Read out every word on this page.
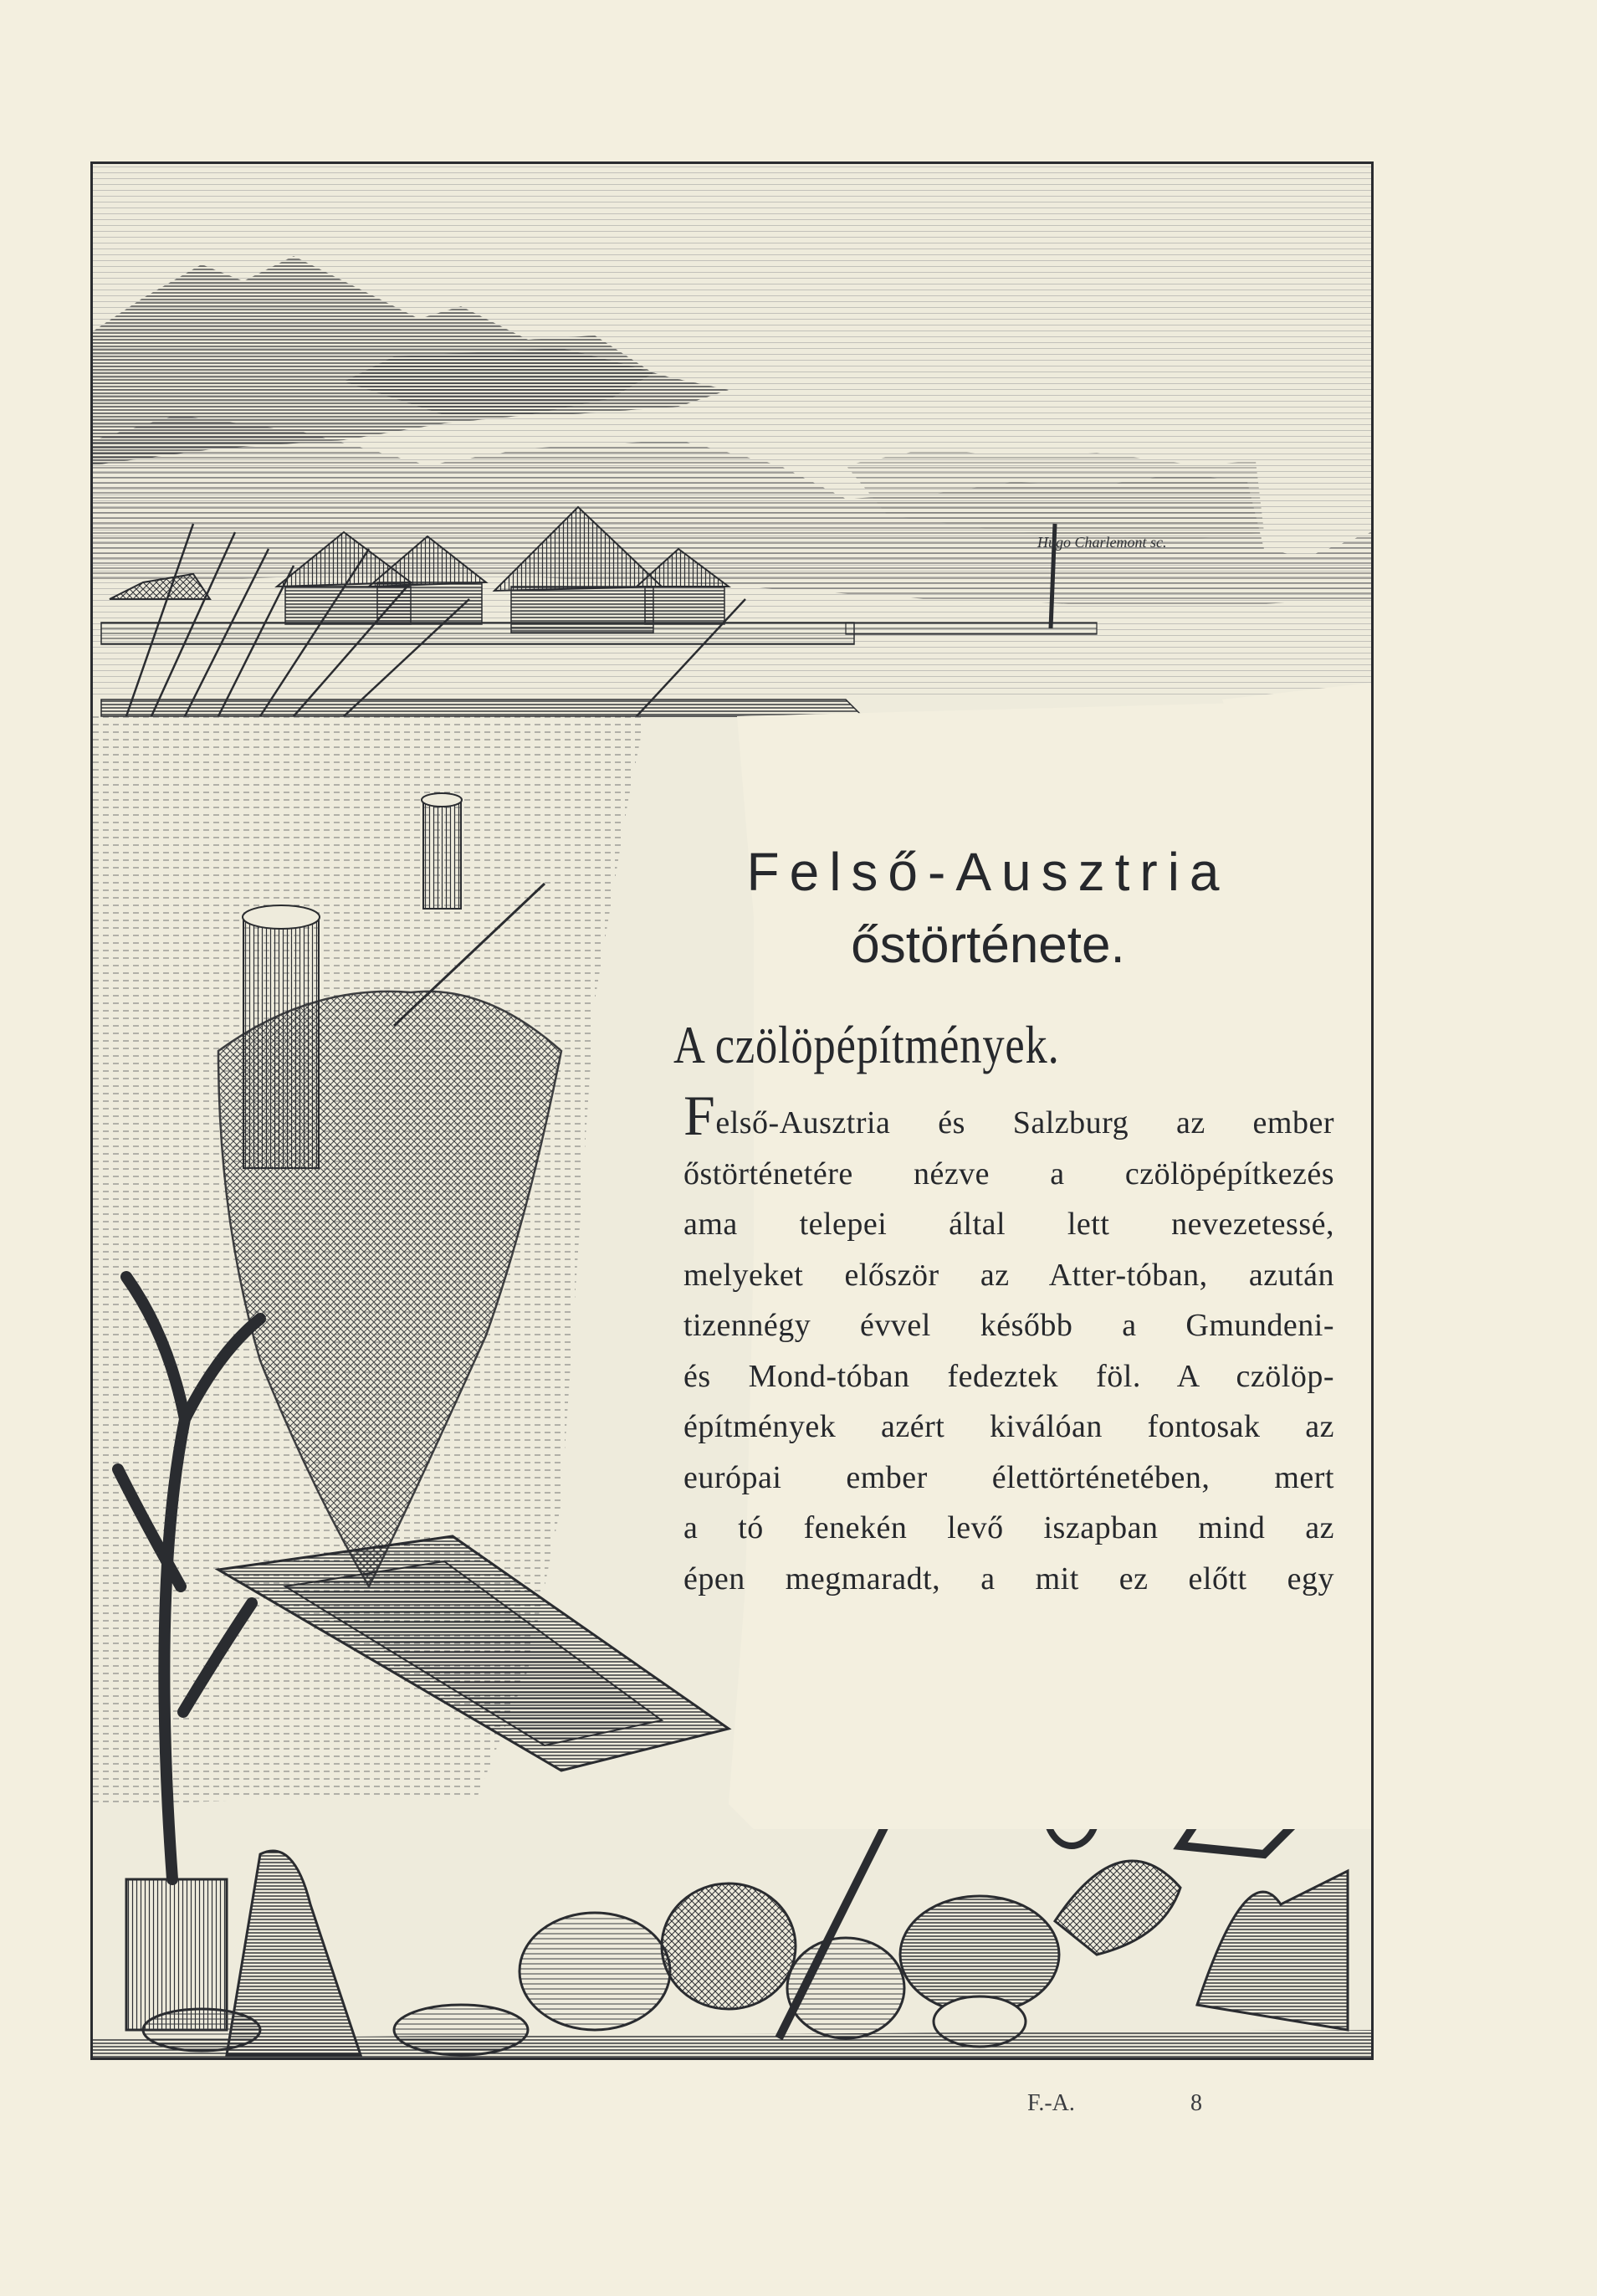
Hugo Charlemont sc.
Felső-Ausztria
őstörténete.
A czölöpépítmények.
Felső-Ausztria és Salzburg az ember
őstörténetére nézve a czölöpépítkezés
ama telepei által lett nevezetessé,
melyeket először az Atter-tóban, azután
tizennégy évvel később a Gmundeni-
és Mond-tóban fedeztek föl. A czölöp-
építmények azért kiválóan fontosak az
európai ember élettörténetében, mert
a tó fenekén levő iszapban mind az
épen megmaradt, a mit ez előtt egy
F.-A.	8
